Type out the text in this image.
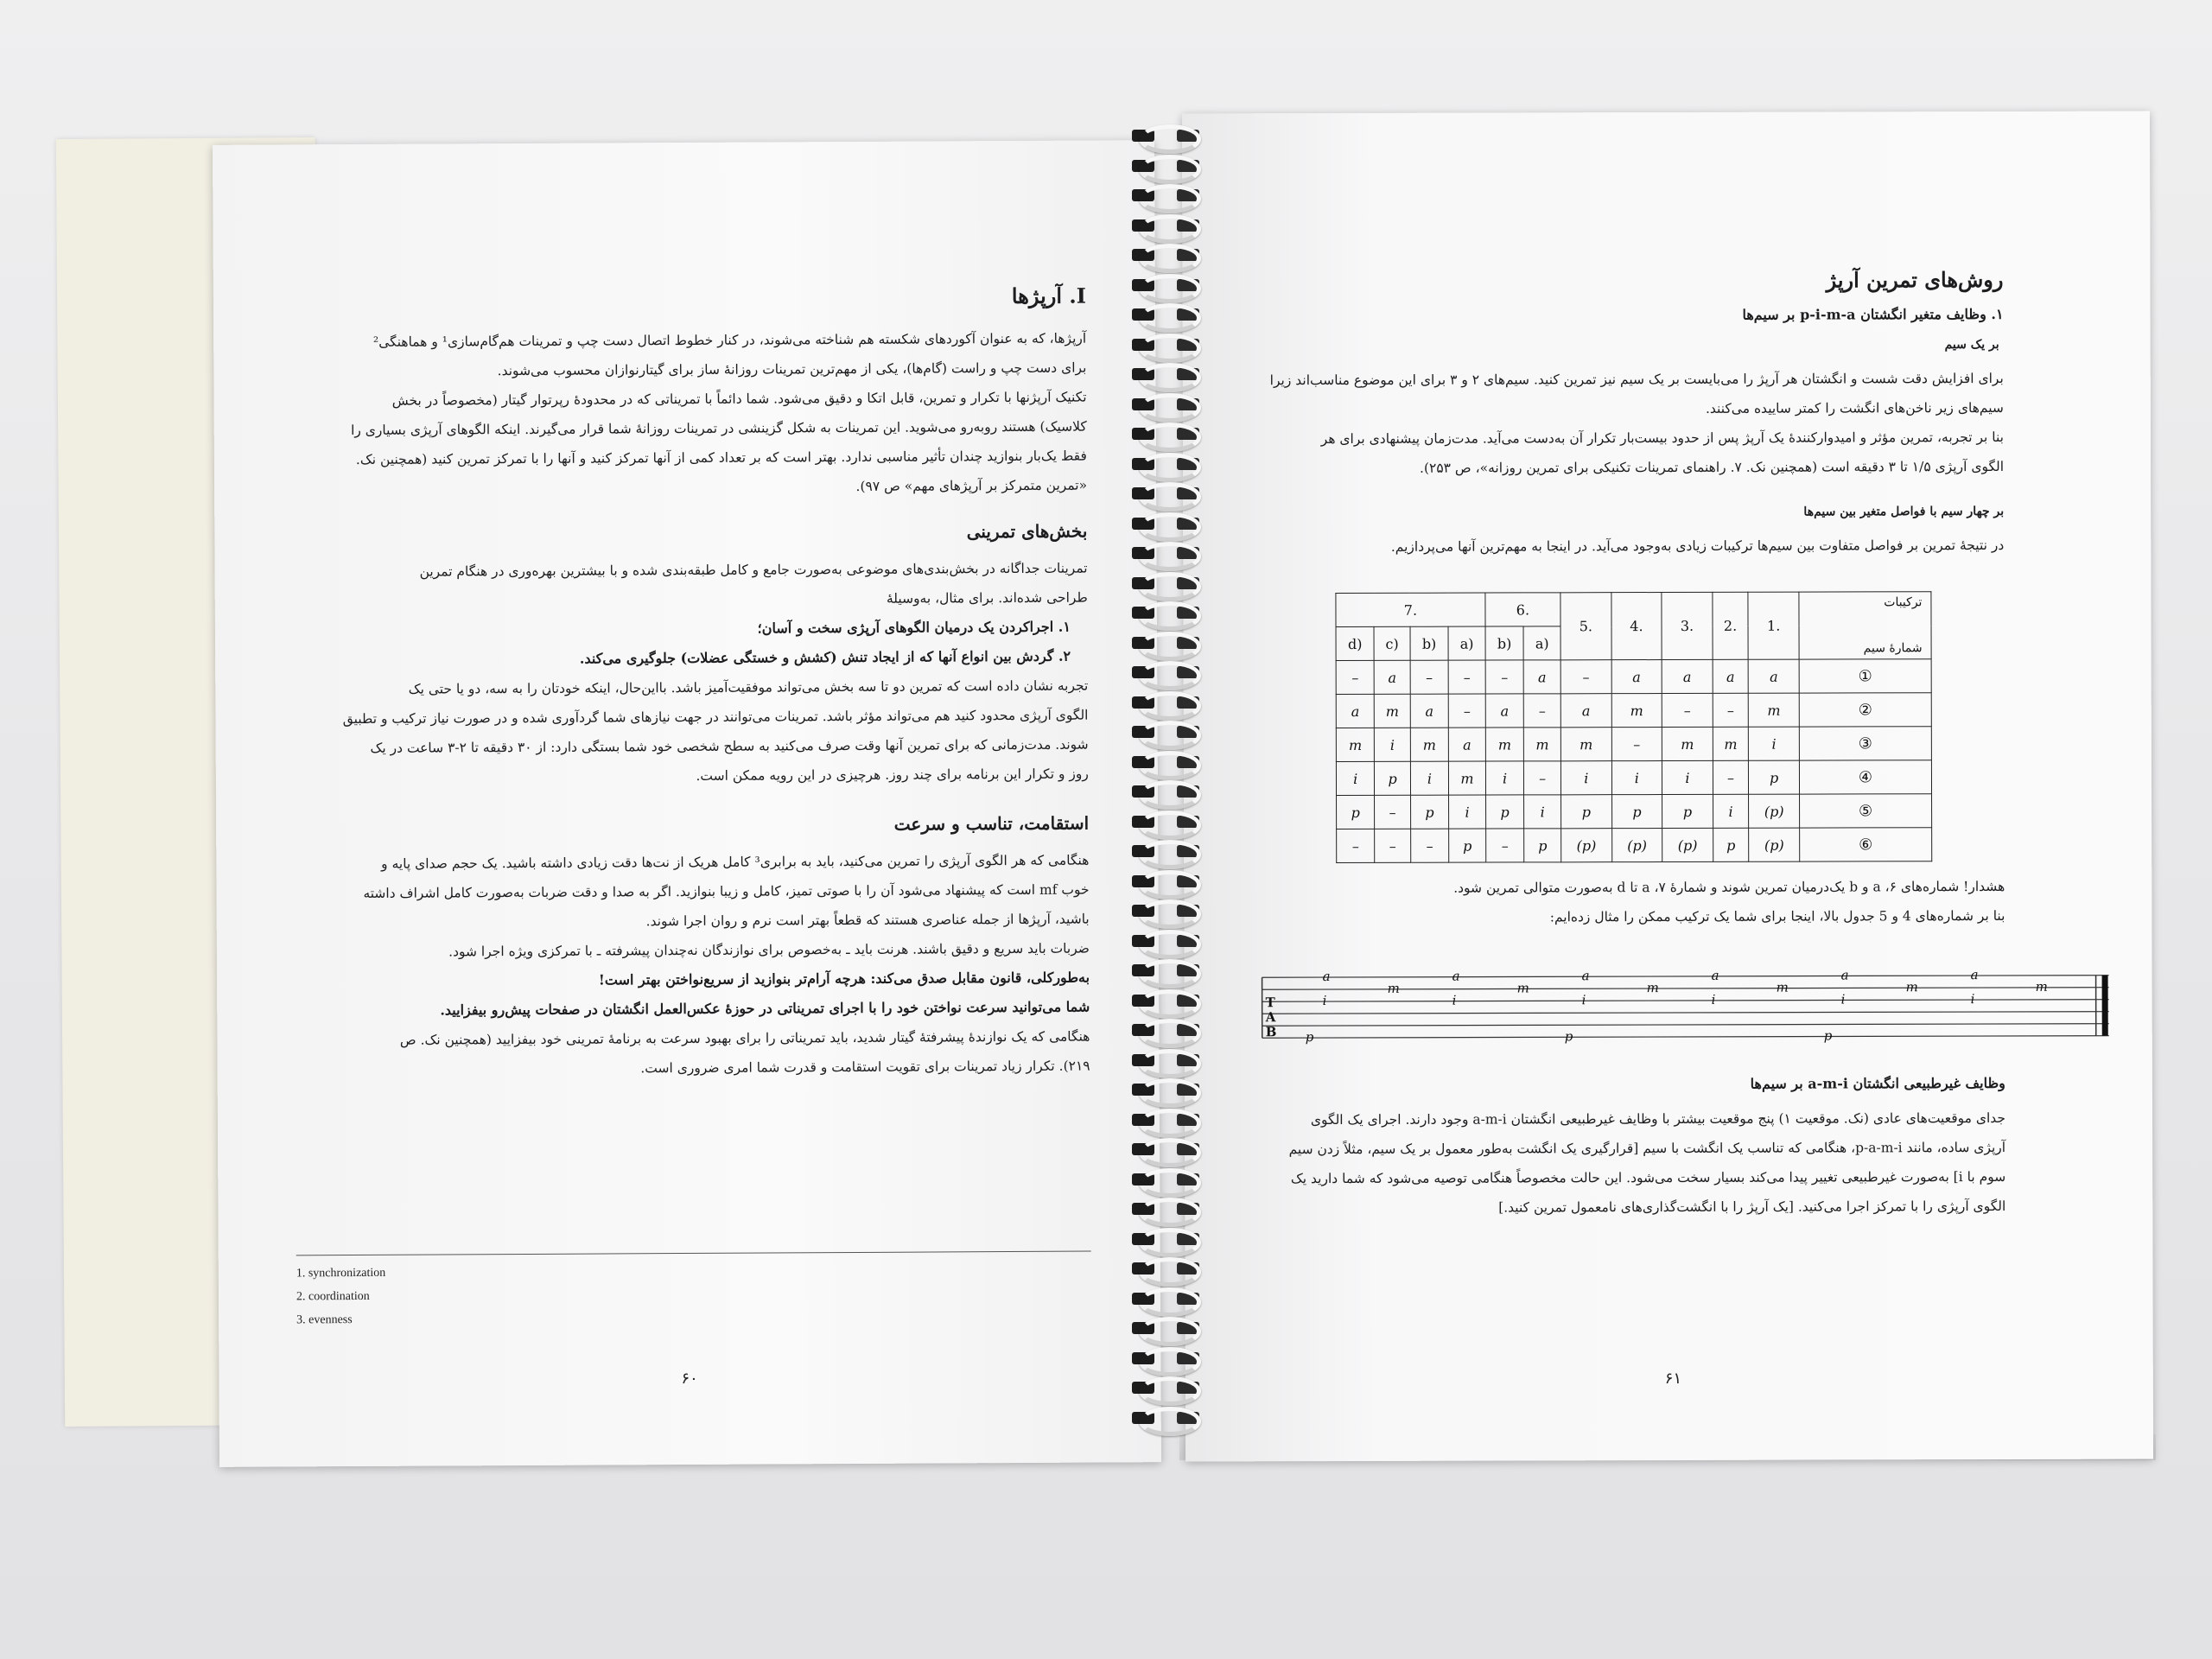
I. آرپژها
آرپژها، که به عنوان آکوردهای شکسته هم شناخته می‌شوند، در کنار خطوط اتصال دست چپ و تمرینات هم‌گام‌سازی¹ و هماهنگی²
برای دست چپ و راست (گام‌ها)، یکی از مهم‌ترین تمرینات روزانهٔ ساز برای گیتارنوازان محسوب می‌شوند.
تکنیک آرپژنها با تکرار و تمرین، قابل اتکا و دقیق می‌شود. شما دائماً با تمریناتی که در محدودهٔ رپرتوار گیتار (مخصوصاً در بخش
کلاسیک) هستند روبه‌رو می‌شوید. این تمرینات به شکل گزینشی در تمرینات روزانهٔ شما قرار می‌گیرند. اینکه الگوهای آرپژی بسیاری را
فقط یک‌بار بنوازید چندان تأثیر مناسبی ندارد. بهتر است که بر تعداد کمی از آنها تمرکز کنید و آنها را با تمرکز تمرین کنید (همچنین نک.
«تمرین متمرکز بر آرپژهای مهم» ص ۹۷).
بخش‌های تمرینی
تمرینات جداگانه در بخش‌بندی‌های موضوعی به‌صورت جامع و کامل طبقه‌بندی شده و با بیشترین بهره‌وری در هنگام تمرین
طراحی شده‌اند. برای مثال، به‌وسیلهٔ
۱. اجراکردن یک درمیان الگوهای آرپژی سخت و آسان؛
۲. گردش بین انواع آنها که از ایجاد تنش (کشش و خستگی عضلات) جلوگیری می‌کند.
تجربه نشان داده است که تمرین دو تا سه بخش می‌تواند موفقیت‌آمیز باشد. بااین‌حال، اینکه خودتان را به سه، دو یا حتی یک
الگوی آرپژی محدود کنید هم می‌تواند مؤثر باشد. تمرینات می‌توانند در جهت نیازهای شما گردآوری شده و در صورت نیاز ترکیب و تطبیق
شوند. مدت‌زمانی که برای تمرین آنها وقت صرف می‌کنید به سطح شخصی خود شما بستگی دارد: از ۳۰ دقیقه تا ۲-۳ ساعت در یک
روز و تکرار این برنامه برای چند روز. هرچیزی در این رویه ممکن است.
استقامت، تناسب و سرعت
هنگامی که هر الگوی آرپژی را تمرین می‌کنید، باید به برابری³ کامل هریک از نت‌ها دقت زیادی داشته باشید. یک حجم صدای پایه و
خوب mf است که پیشنهاد می‌شود آن را با صوتی تمیز، کامل و زیبا بنوازید. اگر به صدا و دقت ضربات به‌صورت کامل اشراف داشته
باشید، آرپژها از جمله عناصری هستند که قطعاً بهتر است نرم و روان اجرا شوند.
ضربات باید سریع و دقیق باشند. هرنت باید ـ به‌خصوص برای نوازندگان نه‌چندان پیشرفته ـ با تمرکزی ویژه اجرا شود.
به‌طورکلی، قانون مقابل صدق می‌کند: هرچه آرام‌تر بنوازید از سریع‌نواختن بهتر است!
شما می‌توانید سرعت نواختن خود را با اجرای تمریناتی در حوزهٔ عکس‌العمل انگشتان در صفحات پیش‌رو بیفزایید.
هنگامی که یک نوازندهٔ پیشرفتهٔ گیتار شدید، باید تمریناتی را برای بهبود سرعت به برنامهٔ تمرینی خود بیفزایید (همچنین نک. ص
۲۱۹). تکرار زیاد تمرینات برای تقویت استقامت و قدرت شما امری ضروری است.
1. synchronization
2. coordination
3. evenness
۶۰
روش‌های تمرین آرپژ
۱. وظایف متغیر انگشتان p-i-m-a بر سیم‌ها
بر یک سیم
برای افزایش دقت شست و انگشتان هر آرپژ را می‌بایست بر یک سیم نیز تمرین کنید. سیم‌های ۲ و ۳ برای این موضوع مناسب‌اند زیرا
سیم‌های زیر ناخن‌های انگشت را کمتر ساییده می‌کنند.
بنا بر تجربه، تمرین مؤثر و امیدوارکنندهٔ یک آرپژ پس از حدود بیست‌بار تکرار آن به‌دست می‌آید. مدت‌زمان پیشنهادی برای هر
الگوی آرپژی ۱/۵ تا ۳ دقیقه است (همچنین نک. ۷. راهنمای تمرینات تکنیکی برای تمرین روزانه»، ص ۲۵۳).
بر چهار سیم با فواصل متغیر بین سیم‌ها
در نتیجهٔ تمرین بر فواصل متفاوت بین سیم‌ها ترکیبات زیادی به‌وجود می‌آید. در اینجا به مهم‌ترین آنها می‌پردازیم.
7.				6.		5.	4.	3.	2.	1.	ترکیبات
شمارهٔ سیم

d)	c)	b)	a)	b)	a)						
–	a	–	–	–	a	–	a	a	a	a	①
a	m	a	–	a	–	a	m	–	–	m	②
m	i	m	a	m	m	m	–	m	m	i	③
i	p	i	m	i	–	i	i	i	–	p	④
p	–	p	i	p	i	p	p	p	i	(p)	⑤
–	–	–	p	–	p	(p)	(p)	(p)	p	(p)	⑥
هشدار! شماره‌های ۶، a و b یک‌درمیان تمرین شوند و شمارهٔ ۷، a تا d به‌صورت متوالی تمرین شود.
بنا بر شماره‌های 4 و 5 جدول بالا، اینجا برای شما یک ترکیب ممکن را مثال زده‌ایم:
T
A
B
a
m
a
m
a
m
a
m
a
m
a
m
i	i	i	i	i	i
p	p	p
وظایف غیرطبیعی انگشتان a-m-i بر سیم‌ها
جدای موقعیت‌های عادی (نک. موقعیت ۱) پنج موقعیت بیشتر با وظایف غیرطبیعی انگشتان a-m-i وجود دارند. اجرای یک الگوی
آرپژی ساده، مانند p-a-m-i، هنگامی که تناسب یک انگشت با سیم [قرارگیری یک انگشت به‌طور معمول بر یک سیم، مثلاً زدن سیم
سوم با i] به‌صورت غیرطبیعی تغییر پیدا می‌کند بسیار سخت می‌شود. این حالت مخصوصاً هنگامی توصیه می‌شود که شما دارید یک
الگوی آرپژی را با تمرکز اجرا می‌کنید. [یک آرپژ را با انگشت‌گذاری‌های نامعمول تمرین کنید.]
۶۱
